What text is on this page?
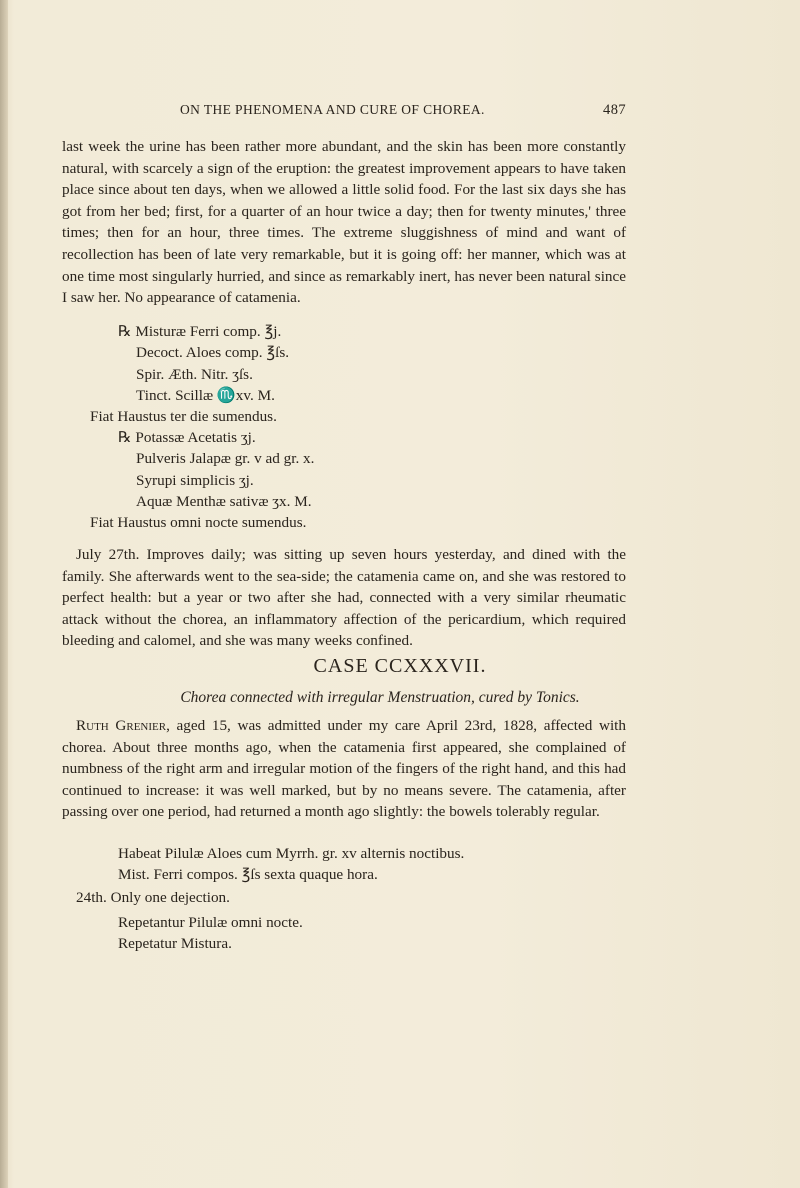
ON THE PHENOMENA AND CURE OF CHOREA.	487

last week the urine has been rather more abundant, and the skin has been more constantly natural, with scarcely a sign of the eruption: the greatest improvement appears to have taken place since about ten days, when we allowed a little solid food. For the last six days she has got from her bed; first, for a quarter of an hour twice a day; then for twenty minutes,' three times; then for an hour, three times. The extreme sluggishness of mind and want of recollection has been of late very remarkable, but it is going off: her manner, which was at one time most singularly hurried, and since as remarkably inert, has never been natural since I saw her. No appearance of catamenia.

℞ Misturæ Ferri comp. ℥j.
Decoct. Aloes comp. ℥ſs.
Spir. Æth. Nitr. ʒſs.
Tinct. Scillæ ♏xv. M.
Fiat Haustus ter die sumendus.
℞ Potassæ Acetatis ʒj.
Pulveris Jalapæ gr. v ad gr. x.
Syrupi simplicis ʒj.
Aquæ Menthæ sativæ ʒx. M.
Fiat Haustus omni nocte sumendus.

July 27th. Improves daily; was sitting up seven hours yesterday, and dined with the family. She afterwards went to the sea-side; the catamenia came on, and she was restored to perfect health: but a year or two after she had, connected with a very similar rheumatic attack without the chorea, an inflammatory affection of the pericardium, which required bleeding and calomel, and she was many weeks confined.

CASE CCXXXVII.
Chorea connected with irregular Menstruation, cured by Tonics.

Ruth Grenier, aged 15, was admitted under my care April 23rd, 1828, affected with chorea. About three months ago, when the catamenia first appeared, she complained of numbness of the right arm and irregular motion of the fingers of the right hand, and this had continued to increase: it was well marked, but by no means severe. The catamenia, after passing over one period, had returned a month ago slightly: the bowels tolerably regular.

Habeat Pilulæ Aloes cum Myrrh. gr. xv alternis noctibus.
Mist. Ferri compos. ℥ſs sexta quaque hora.
24th. Only one dejection.
Repetantur Pilulæ omni nocte.
Repetatur Mistura.
